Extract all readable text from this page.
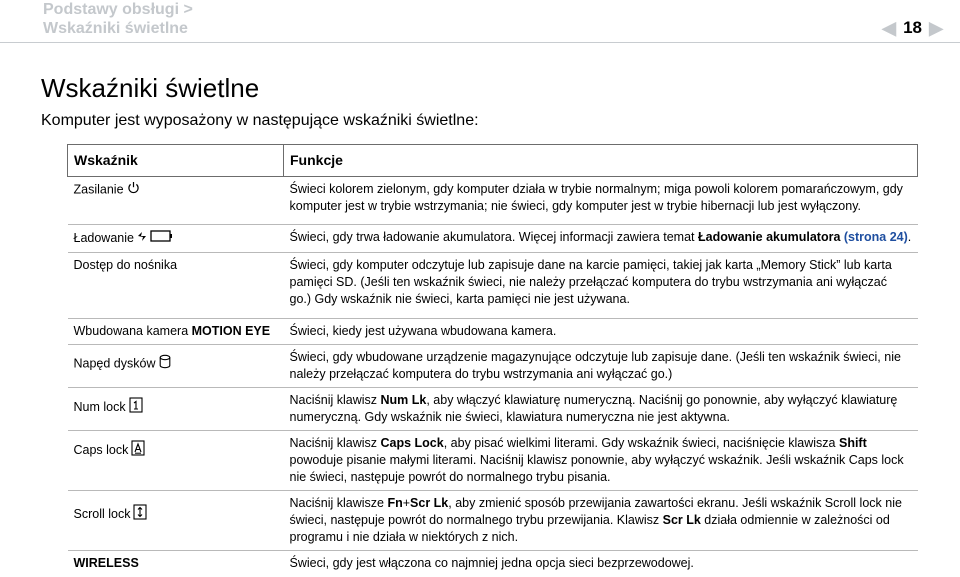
Podstawy obsługi >
Wskaźniki świetlne	◀ 18 ▶
Wskaźniki świetlne

Komputer jest wyposażony w następujące wskaźniki świetlne:

Wskaźnik	Funkcje
Zasilanie	Świeci kolorem zielonym, gdy komputer działa w trybie normalnym; miga powoli kolorem pomarańczowym, gdy komputer jest w trybie wstrzymania; nie świeci, gdy komputer jest w trybie hibernacji lub jest wyłączony.
Ładowanie	Świeci, gdy trwa ładowanie akumulatora. Więcej informacji zawiera temat Ładowanie akumulatora (strona 24).
Dostęp do nośnika	Świeci, gdy komputer odczytuje lub zapisuje dane na karcie pamięci, takiej jak karta „Memory Stick” lub karta pamięci SD. (Jeśli ten wskaźnik świeci, nie należy przełączać komputera do trybu wstrzymania ani wyłączać go.) Gdy wskaźnik nie świeci, karta pamięci nie jest używana.
Wbudowana kamera MOTION EYE	Świeci, kiedy jest używana wbudowana kamera.
Napęd dysków	Świeci, gdy wbudowane urządzenie magazynujące odczytuje lub zapisuje dane. (Jeśli ten wskaźnik świeci, nie należy przełączać komputera do trybu wstrzymania ani wyłączać go.)
Num lock	Naciśnij klawisz Num Lk, aby włączyć klawiaturę numeryczną. Naciśnij go ponownie, aby wyłączyć klawiaturę numeryczną. Gdy wskaźnik nie świeci, klawiatura numeryczna nie jest aktywna.
Caps lock	Naciśnij klawisz Caps Lock, aby pisać wielkimi literami. Gdy wskaźnik świeci, naciśnięcie klawisza Shift powoduje pisanie małymi literami. Naciśnij klawisz ponownie, aby wyłączyć wskaźnik. Jeśli wskaźnik Caps lock nie świeci, następuje powrót do normalnego trybu pisania.
Scroll lock	Naciśnij klawisze Fn+Scr Lk, aby zmienić sposób przewijania zawartości ekranu. Jeśli wskaźnik Scroll lock nie świeci, następuje powrót do normalnego trybu przewijania. Klawisz Scr Lk działa odmiennie w zależności od programu i nie działa w niektórych z nich.
WIRELESS	Świeci, gdy jest włączona co najmniej jedna opcja sieci bezprzewodowej.
